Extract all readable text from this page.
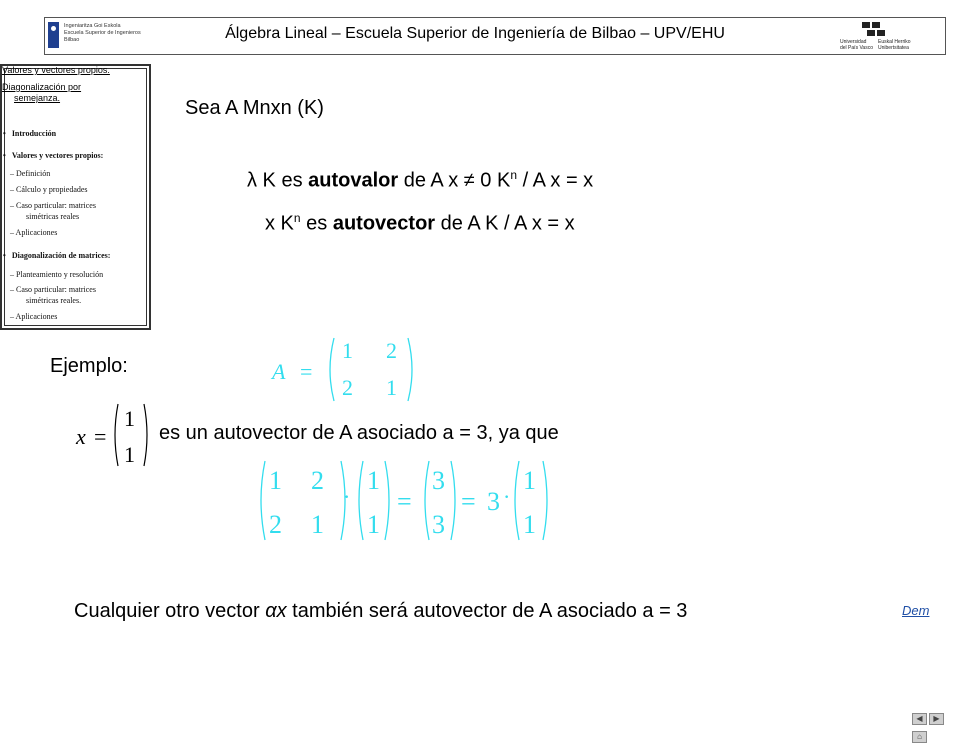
Ingeniaritza Goi Eskola
Escuela Superior de Ingenieros
Bilbao	Álgebra Lineal – Escuela Superior de Ingeniería de Bilbao – UPV/EHU	Universidad
del País Vasco
Euskal Herriko
Unibertsitatea
Valores y vectores propios.
Diagonalización por
semejanza.
• Introducción
• Valores y vectores propios:
– Definición
– Cálculo y propiedades
– Caso particular: matrices
simétricas reales
– Aplicaciones
• Diagonalización de matrices:
– Planteamiento y resolución
– Caso particular: matrices
simétricas reales.
– Aplicaciones
Sea A Mnxn (K)
λ K es autovalor de A x ≠ 0 $K^n$ / A x = x
x $K^n$ es autovector de A K / A x = x
Ejemplo:	A =
1 2
2 1
x =
1
1
es un autovector de A asociado a = 3, ya que
1 2
2 1
·
1
1
=
3
3
= 3 ·
1
1
Cualquier otro vector αx también será autovector de A asociado a = 3	Dem
◀ ▶⌂
